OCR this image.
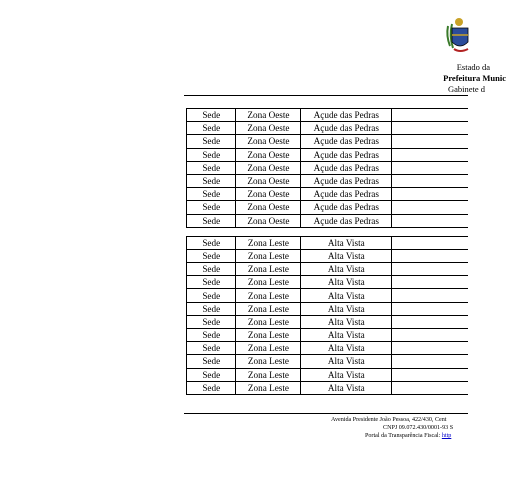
Estado da
Prefeitura Munic
Gabinete d
Sede	Zona Oeste	Açude das Pedras	
Sede	Zona Oeste	Açude das Pedras	
Sede	Zona Oeste	Açude das Pedras	
Sede	Zona Oeste	Açude das Pedras	
Sede	Zona Oeste	Açude das Pedras	
Sede	Zona Oeste	Açude das Pedras	
Sede	Zona Oeste	Açude das Pedras	
Sede	Zona Oeste	Açude das Pedras	
Sede	Zona Oeste	Açude das Pedras	

Sede	Zona Leste	Alta Vista	
Sede	Zona Leste	Alta Vista	
Sede	Zona Leste	Alta Vista	
Sede	Zona Leste	Alta Vista	
Sede	Zona Leste	Alta Vista	
Sede	Zona Leste	Alta Vista	
Sede	Zona Leste	Alta Vista	
Sede	Zona Leste	Alta Vista	
Sede	Zona Leste	Alta Vista	
Sede	Zona Leste	Alta Vista	
Sede	Zona Leste	Alta Vista	
Sede	Zona Leste	Alta Vista	
Avenida Presidente João Pessoa, 422/430, Cent
CNPJ 09.072.430/0001-93 S
Portal da Transparência Fiscal: http
